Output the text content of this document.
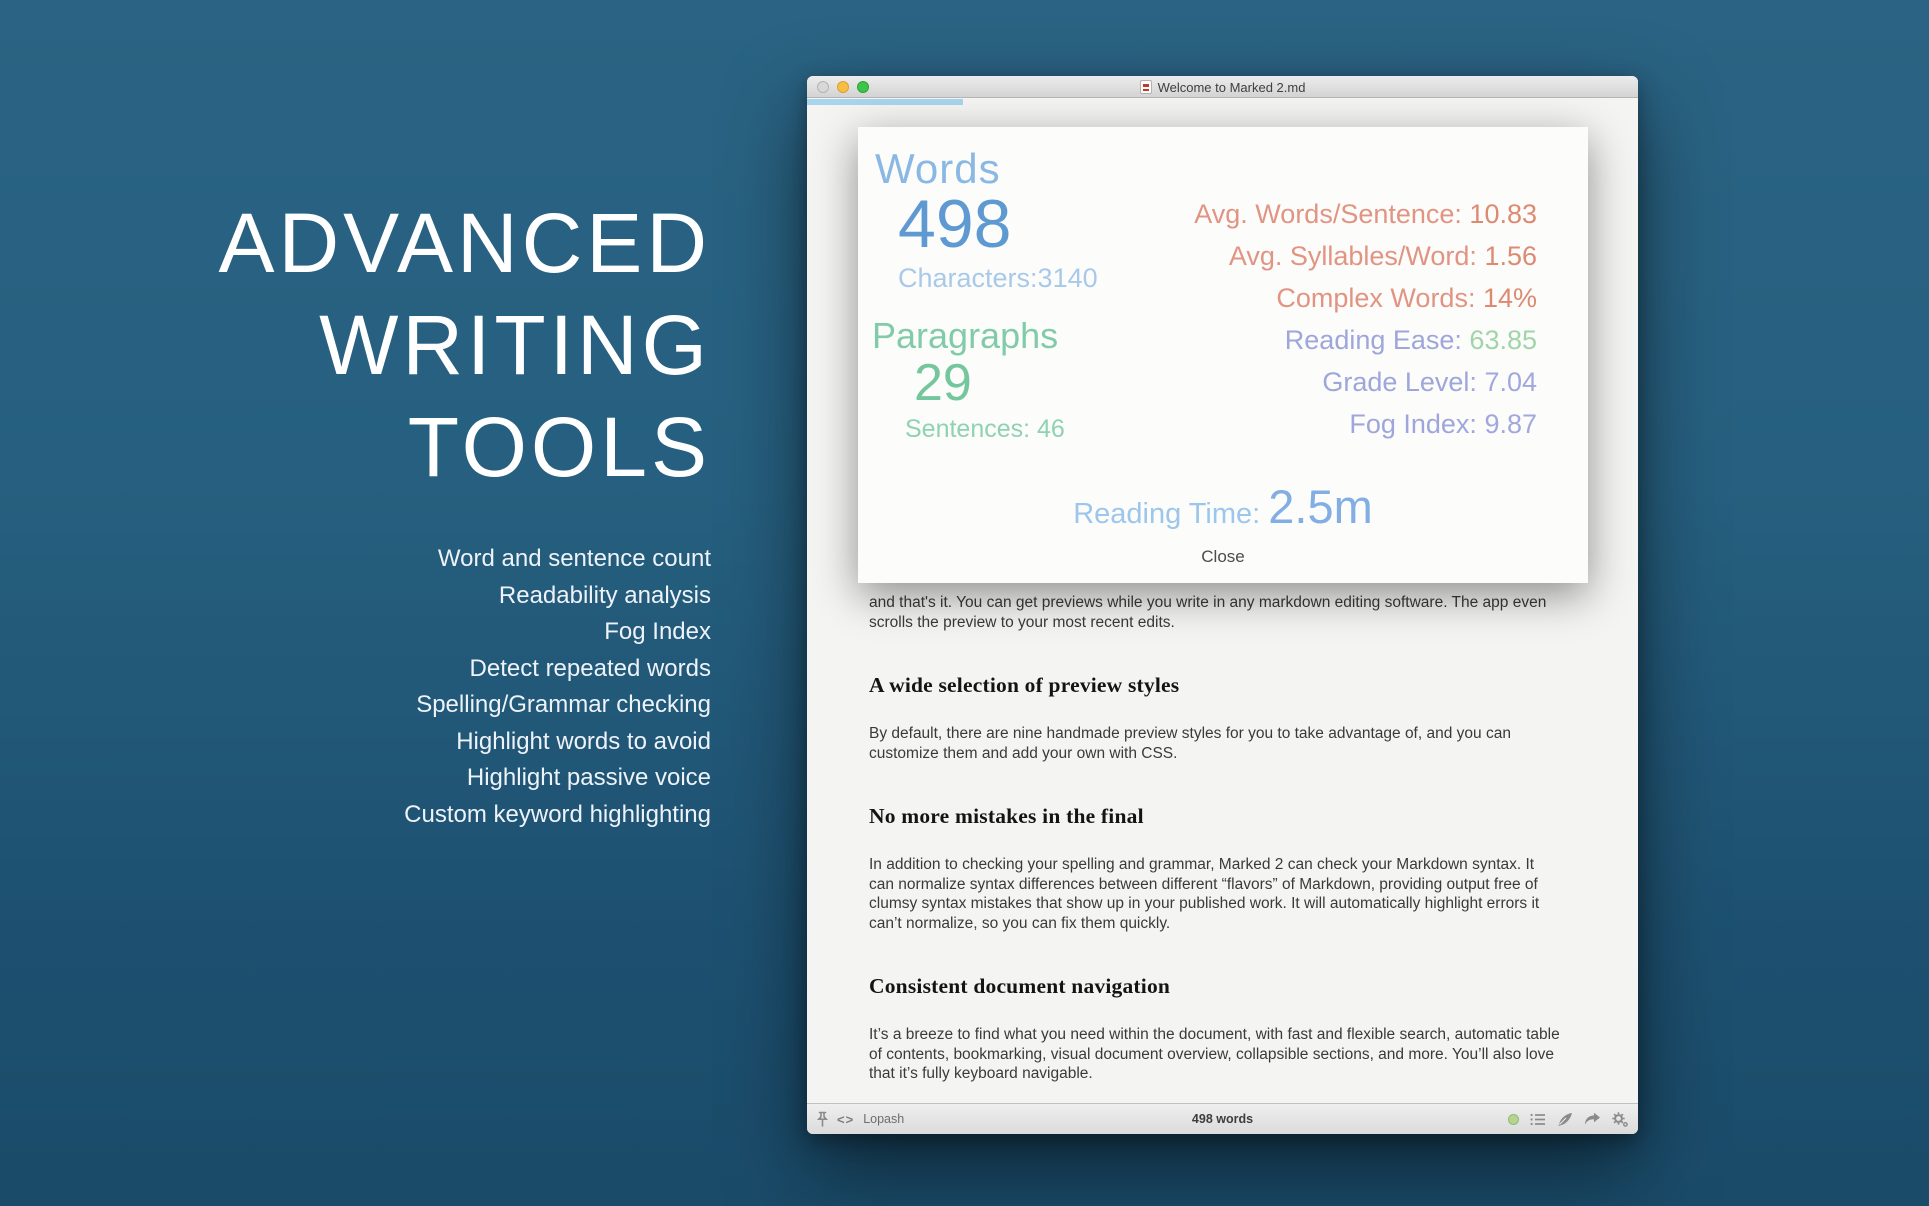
ADVANCED
WRITING
TOOLS
Word and sentence count
Readability analysis
Fog Index
Detect repeated words
Spelling/Grammar checking
Highlight words to avoid
Highlight passive voice
Custom keyword highlighting
Welcome to Marked 2.md

and that's it. You can get previews while you write in any markdown editing software. The app even scrolls the preview to your most recent edits.

A wide selection of preview styles

By default, there are nine handmade preview styles for you to take advantage of, and you can customize them and add your own with CSS.

No more mistakes in the final

In addition to checking your spelling and grammar, Marked 2 can check your Markdown syntax. It can normalize syntax differences between different “flavors” of Markdown, providing output free of clumsy syntax mistakes that show up in your published work. It will automatically highlight errors it can’t normalize, so you can fix them quickly.

Consistent document navigation

It’s a breeze to find what you need within the document, with fast and flexible search, automatic table of contents, bookmarking, visual document overview, collapsible sections, and more. You’ll also love that it’s fully keyboard navigable.

Words
498
Characters:3140
Paragraphs
29
Sentences: 46
Avg. Words/Sentence: 10.83
Avg. Syllables/Word: 1.56
Complex Words: 14%
Reading Ease: 63.85
Grade Level: 7.04
Fog Index: 9.87
Reading Time: 2.5m
Close
<> Lopash	498 words
